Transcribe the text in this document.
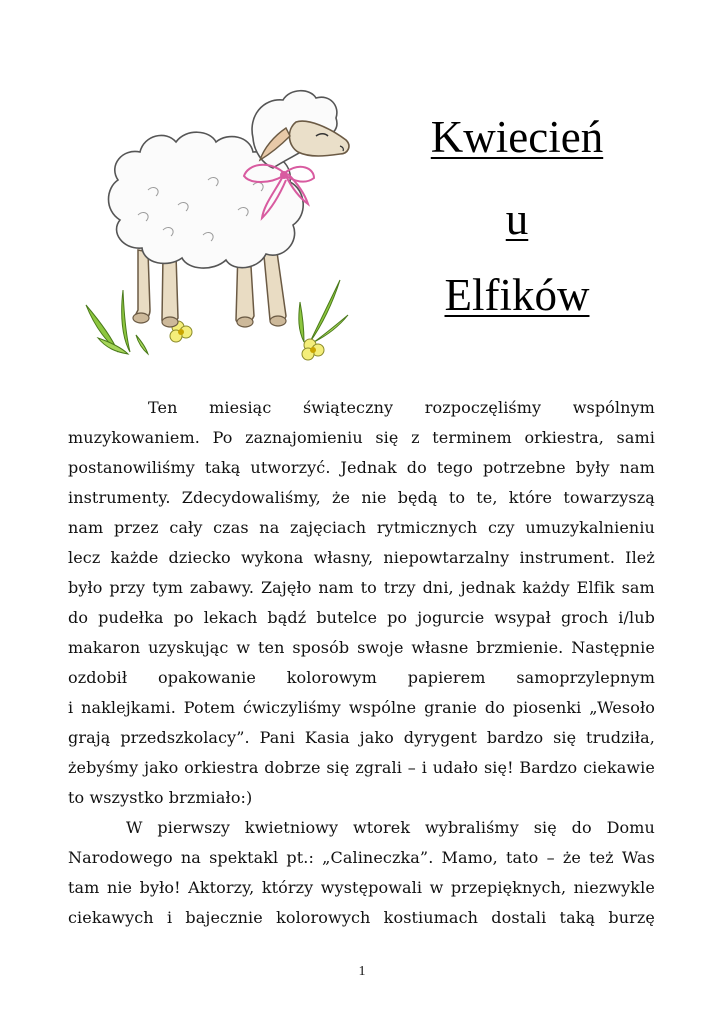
Kwiecień
u
Elfików
Ten miesiąc świąteczny rozpoczęliśmy wspólnym
muzykowaniem. Po zaznajomieniu się z terminem orkiestra, sami
postanowiliśmy taką utworzyć. Jednak do tego potrzebne były nam
instrumenty. Zdecydowaliśmy, że nie będą to te, które towarzyszą
nam przez cały czas na zajęciach rytmicznych czy umuzykalnieniu
lecz każde dziecko wykona własny, niepowtarzalny instrument. Ileż
było przy tym zabawy. Zajęło nam to trzy dni, jednak każdy Elfik sam
do pudełka po lekach bądź butelce po jogurcie wsypał groch i/lub
makaron uzyskując w ten sposób swoje własne brzmienie. Następnie
ozdobił opakowanie kolorowym papierem samoprzylepnym
i naklejkami. Potem ćwiczyliśmy wspólne granie do piosenki „Wesoło
grają przedszkolacy”. Pani Kasia jako dyrygent bardzo się trudziła,
żebyśmy jako orkiestra dobrze się zgrali – i udało się! Bardzo ciekawie
to wszystko brzmiało:)
W pierwszy kwietniowy wtorek wybraliśmy się do Domu
Narodowego na spektakl pt.: „Calineczka”. Mamo, tato – że też Was
tam nie było! Aktorzy, którzy występowali w przepięknych, niezwykle
ciekawych i bajecznie kolorowych kostiumach dostali taką burzę
1
